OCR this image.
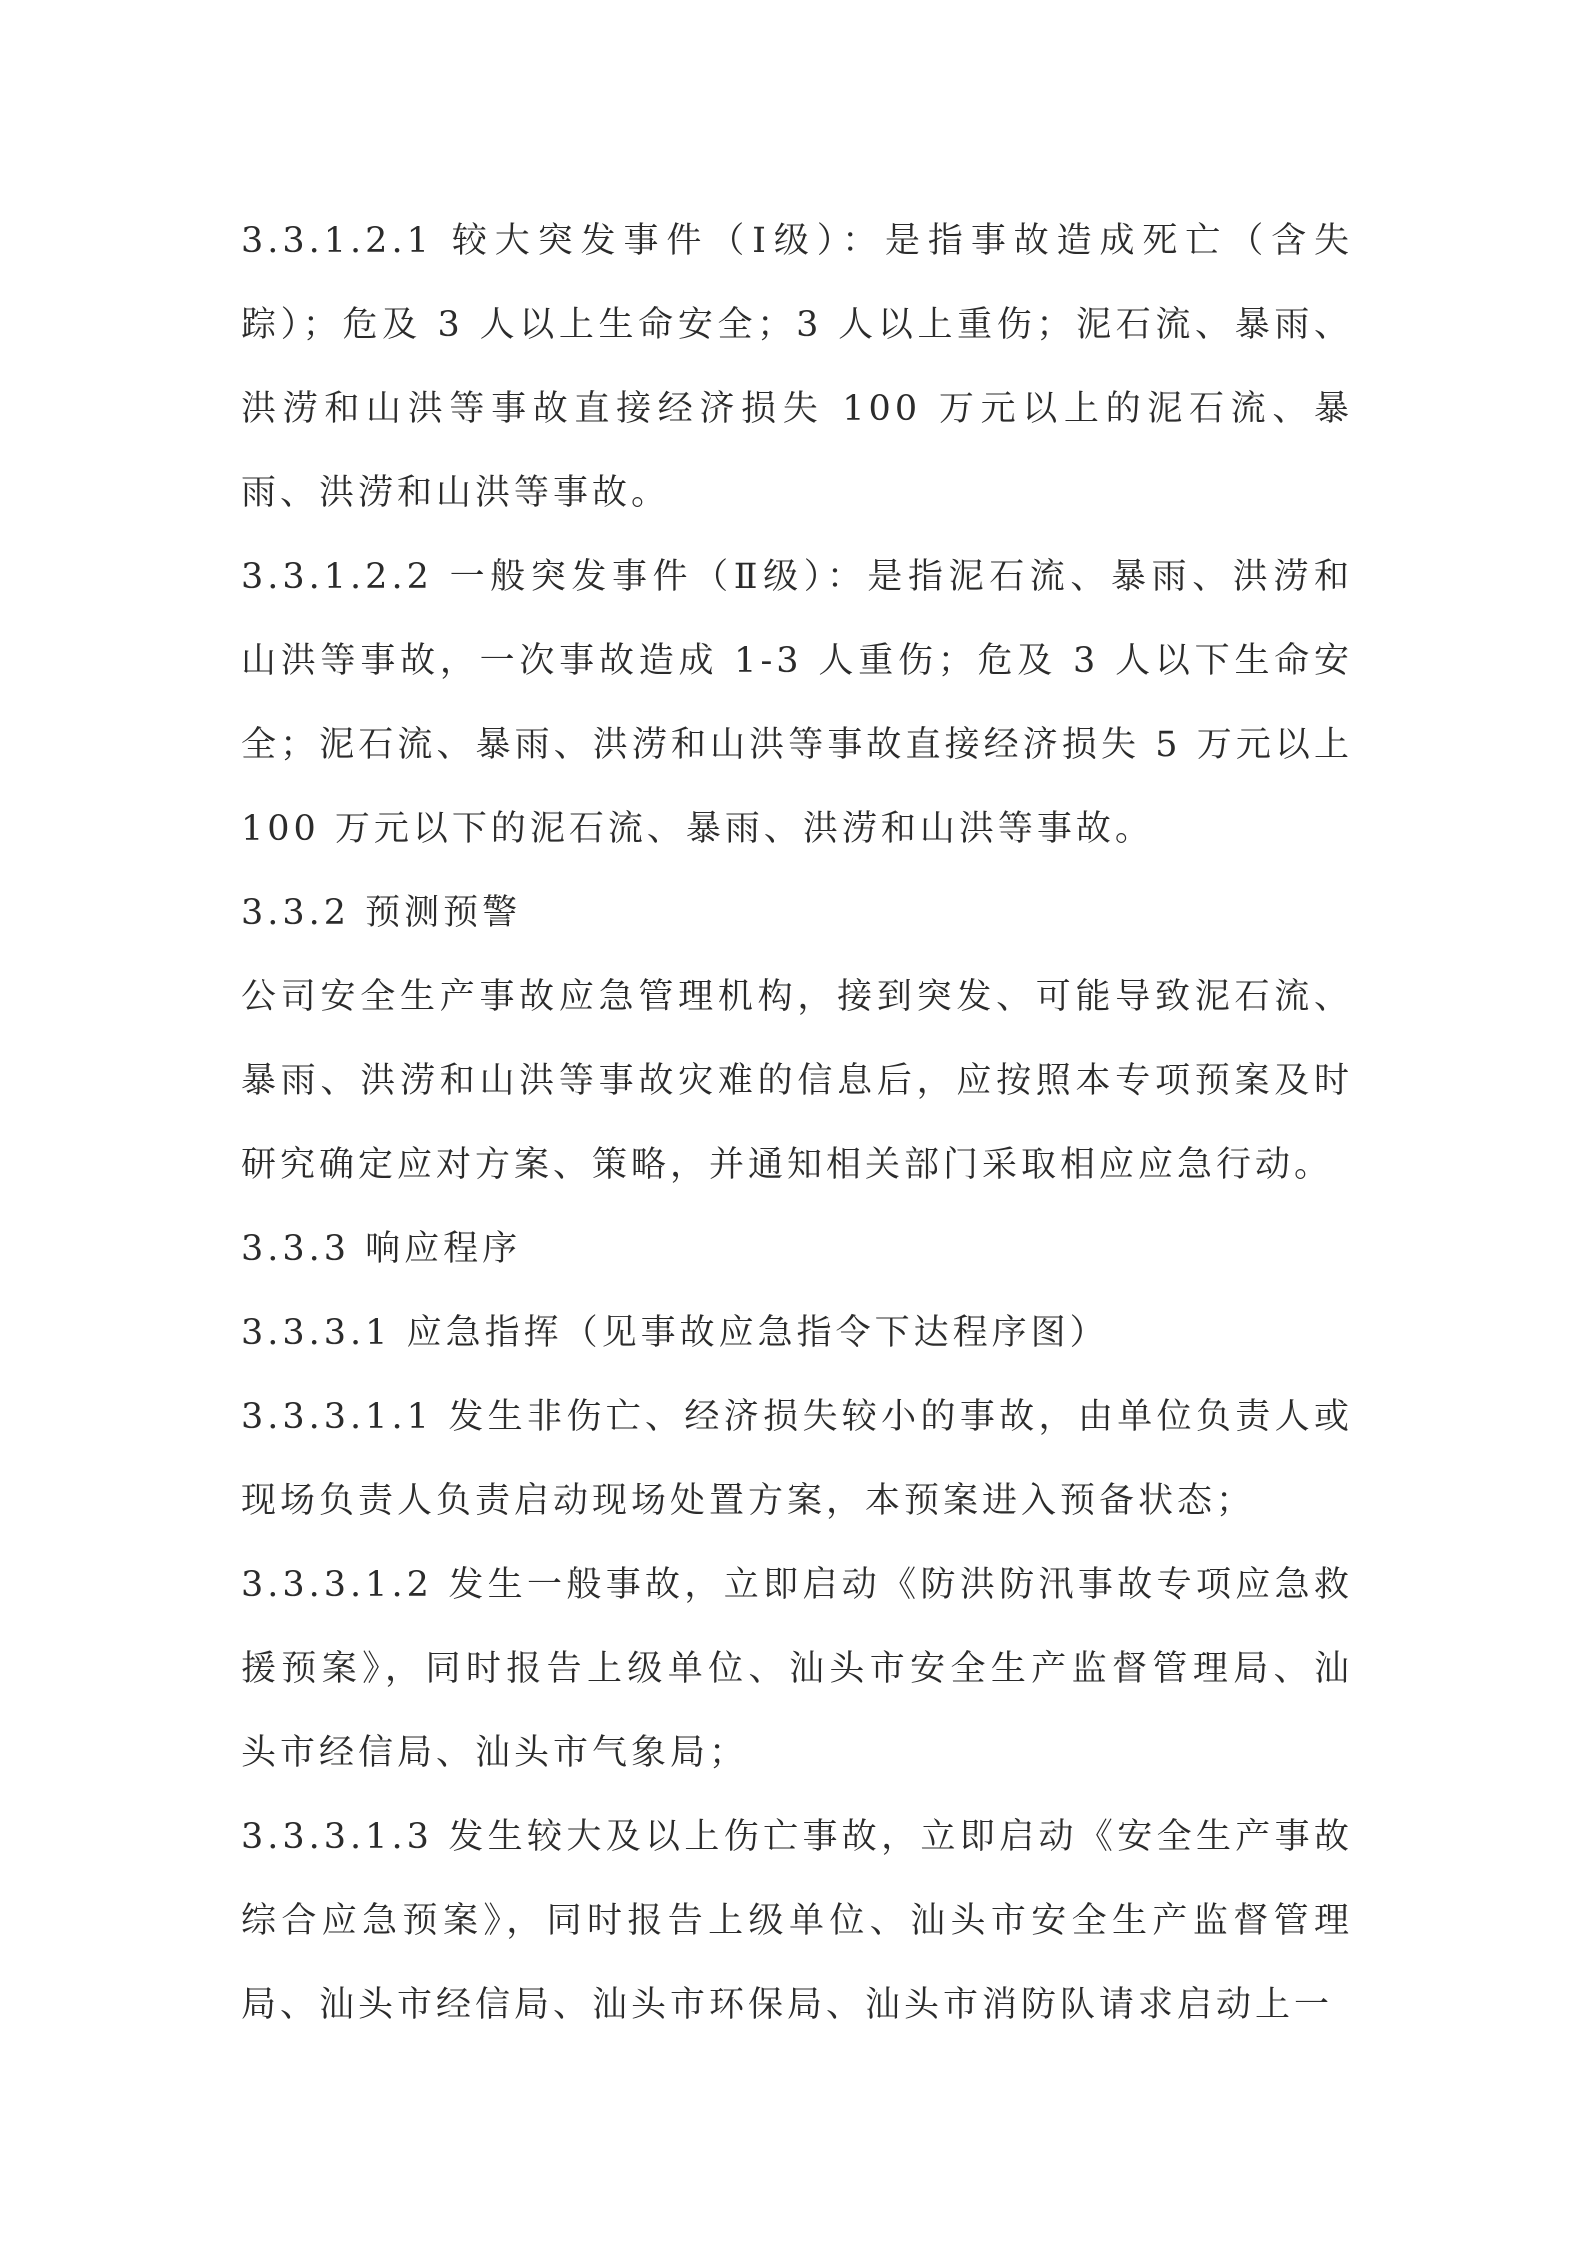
3.3.1.2.1 较大突发事件（Ⅰ级）：是指事故造成死亡（含失踪）；危及 3 人以上生命安全；3 人以上重伤；泥石流、暴雨、洪涝和山洪等事故直接经济损失 100 万元以上的泥石流、暴雨、洪涝和山洪等事故。

3.3.1.2.2 一般突发事件（Ⅱ级）：是指泥石流、暴雨、洪涝和山洪等事故，一次事故造成 1-3 人重伤；危及 3 人以下生命安全；泥石流、暴雨、洪涝和山洪等事故直接经济损失 5 万元以上 100 万元以下的泥石流、暴雨、洪涝和山洪等事故。

3.3.2 预测预警

公司安全生产事故应急管理机构，接到突发、可能导致泥石流、暴雨、洪涝和山洪等事故灾难的信息后，应按照本专项预案及时研究确定应对方案、策略，并通知相关部门采取相应应急行动。

3.3.3 响应程序

3.3.3.1 应急指挥（见事故应急指令下达程序图）

3.3.3.1.1 发生非伤亡、经济损失较小的事故，由单位负责人或现场负责人负责启动现场处置方案，本预案进入预备状态；

3.3.3.1.2 发生一般事故，立即启动《防洪防汛事故专项应急救援预案》，同时报告上级单位、汕头市安全生产监督管理局、汕头市经信局、汕头市气象局；

3.3.3.1.3 发生较大及以上伤亡事故，立即启动《安全生产事故综合应急预案》，同时报告上级单位、汕头市安全生产监督管理局、汕头市经信局、汕头市环保局、汕头市消防队请求启动上一
